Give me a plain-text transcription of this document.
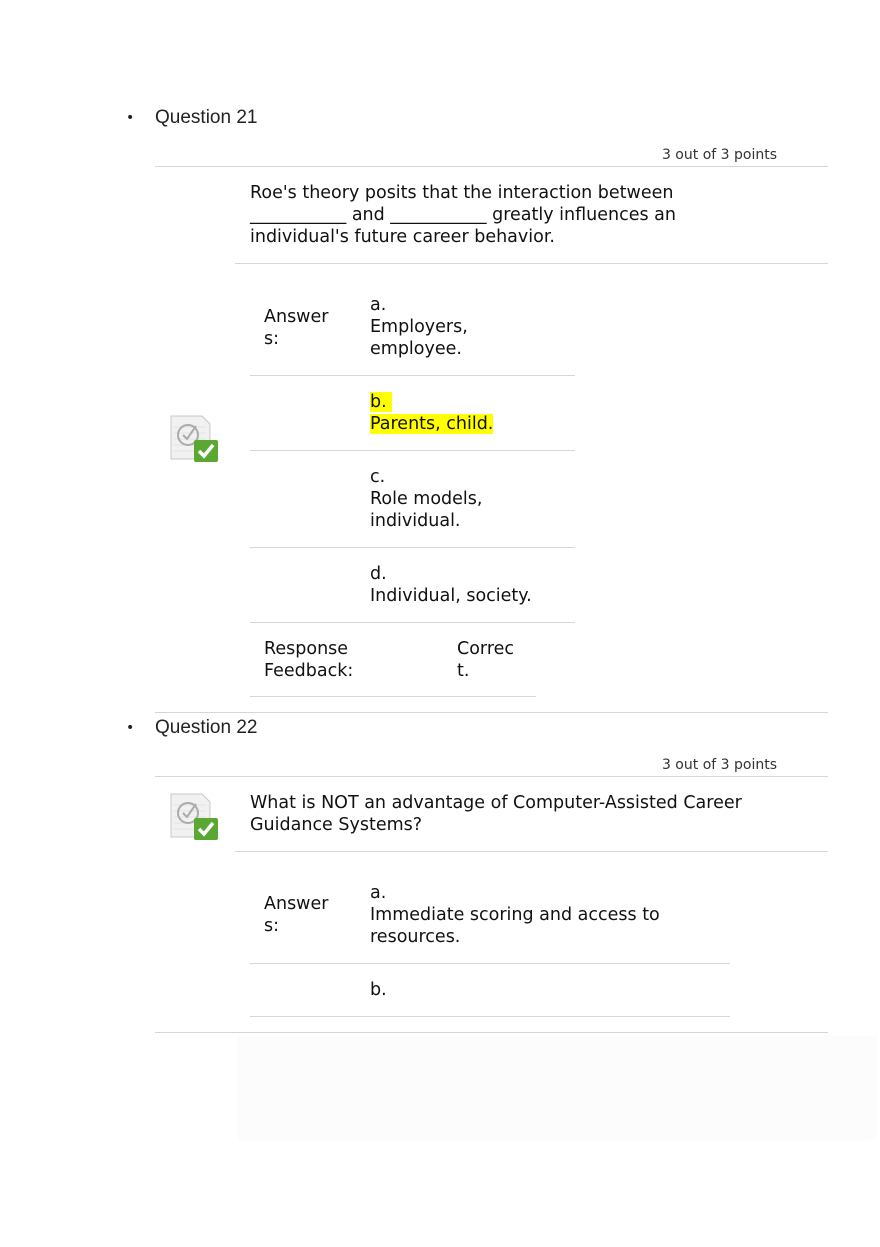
• Question 21
3 out of 3 points
Roe's theory posits that the interaction between ___________ and ___________ greatly influences an individual's future career behavior.
Answer s:
a.
Employers, employee.
b.
Parents, child.
c.
Role models, individual.
d.
Individual, society.
Response Feedback:
Correc t.
• Question 22
3 out of 3 points
What is NOT an advantage of Computer-Assisted Career Guidance Systems?
Answer s:
a.
Immediate scoring and access to resources.
b.
